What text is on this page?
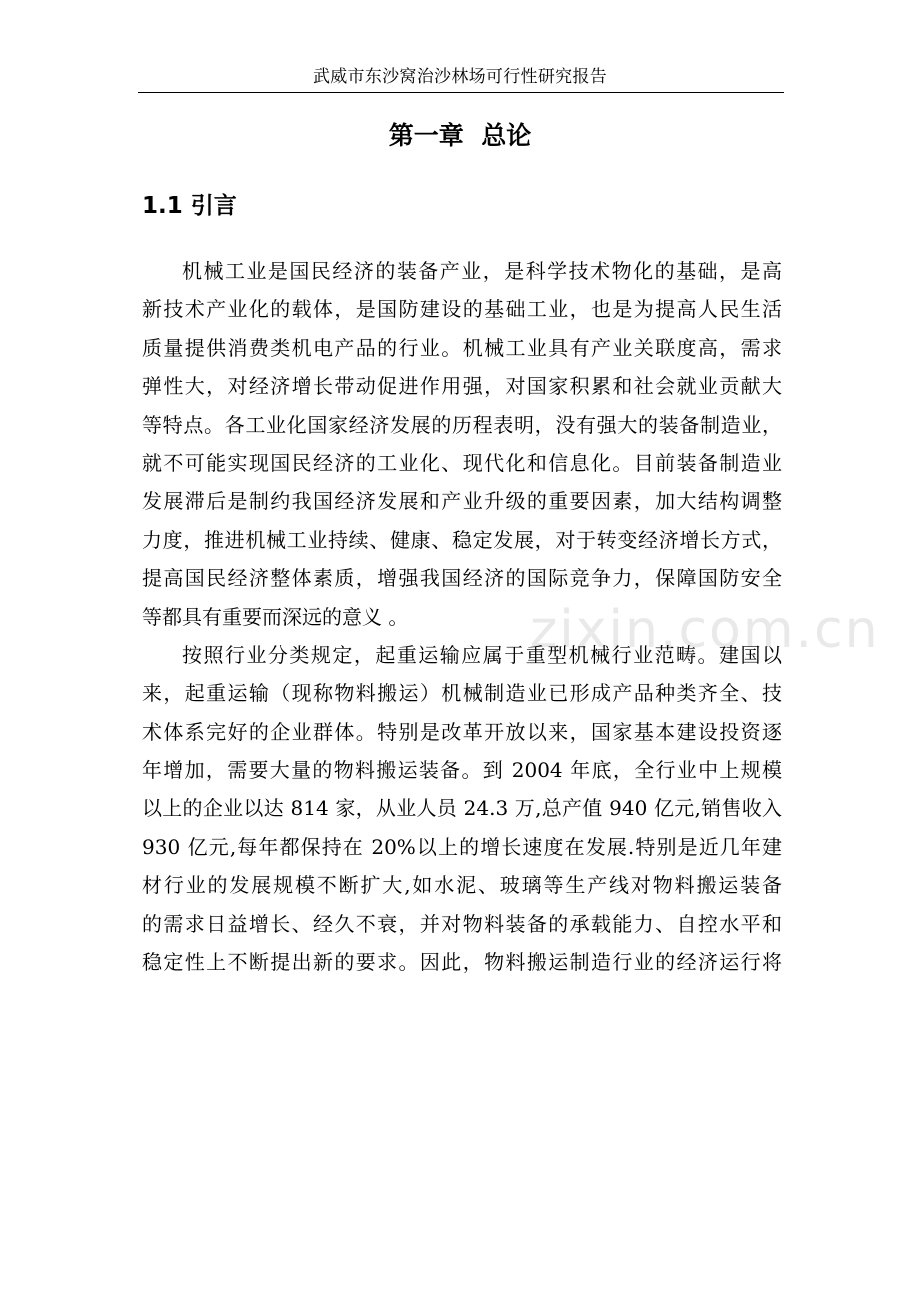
武威市东沙窝治沙林场可行性研究报告
zixin.com.cn
第一章  总论
1.1 引言
机械工业是国民经济的装备产业，是科学技术物化的基础，是高
新技术产业化的载体，是国防建设的基础工业，也是为提高人民生活
质量提供消费类机电产品的行业。机械工业具有产业关联度高，需求
弹性大，对经济增长带动促进作用强，对国家积累和社会就业贡献大
等特点。各工业化国家经济发展的历程表明，没有强大的装备制造业，
就不可能实现国民经济的工业化、现代化和信息化。目前装备制造业
发展滞后是制约我国经济发展和产业升级的重要因素，加大结构调整
力度，推进机械工业持续、健康、稳定发展，对于转变经济增长方式，
提高国民经济整体素质，增强我国经济的国际竞争力，保障国防安全
等都具有重要而深远的意义 。
按照行业分类规定，起重运输应属于重型机械行业范畴。建国以
来，起重运输（现称物料搬运）机械制造业已形成产品种类齐全、技
术体系完好的企业群体。特别是改革开放以来，国家基本建设投资逐
年增加，需要大量的物料搬运装备。到 2004 年底，全行业中上规模
以上的企业以达 814 家，从业人员 24.3 万,总产值 940 亿元,销售收入
930 亿元,每年都保持在 20%以上的增长速度在发展.特别是近几年建
材行业的发展规模不断扩大,如水泥、玻璃等生产线对物料搬运装备
的需求日益增长、经久不衰，并对物料装备的承载能力、自控水平和
稳定性上不断提出新的要求。因此，物料搬运制造行业的经济运行将
